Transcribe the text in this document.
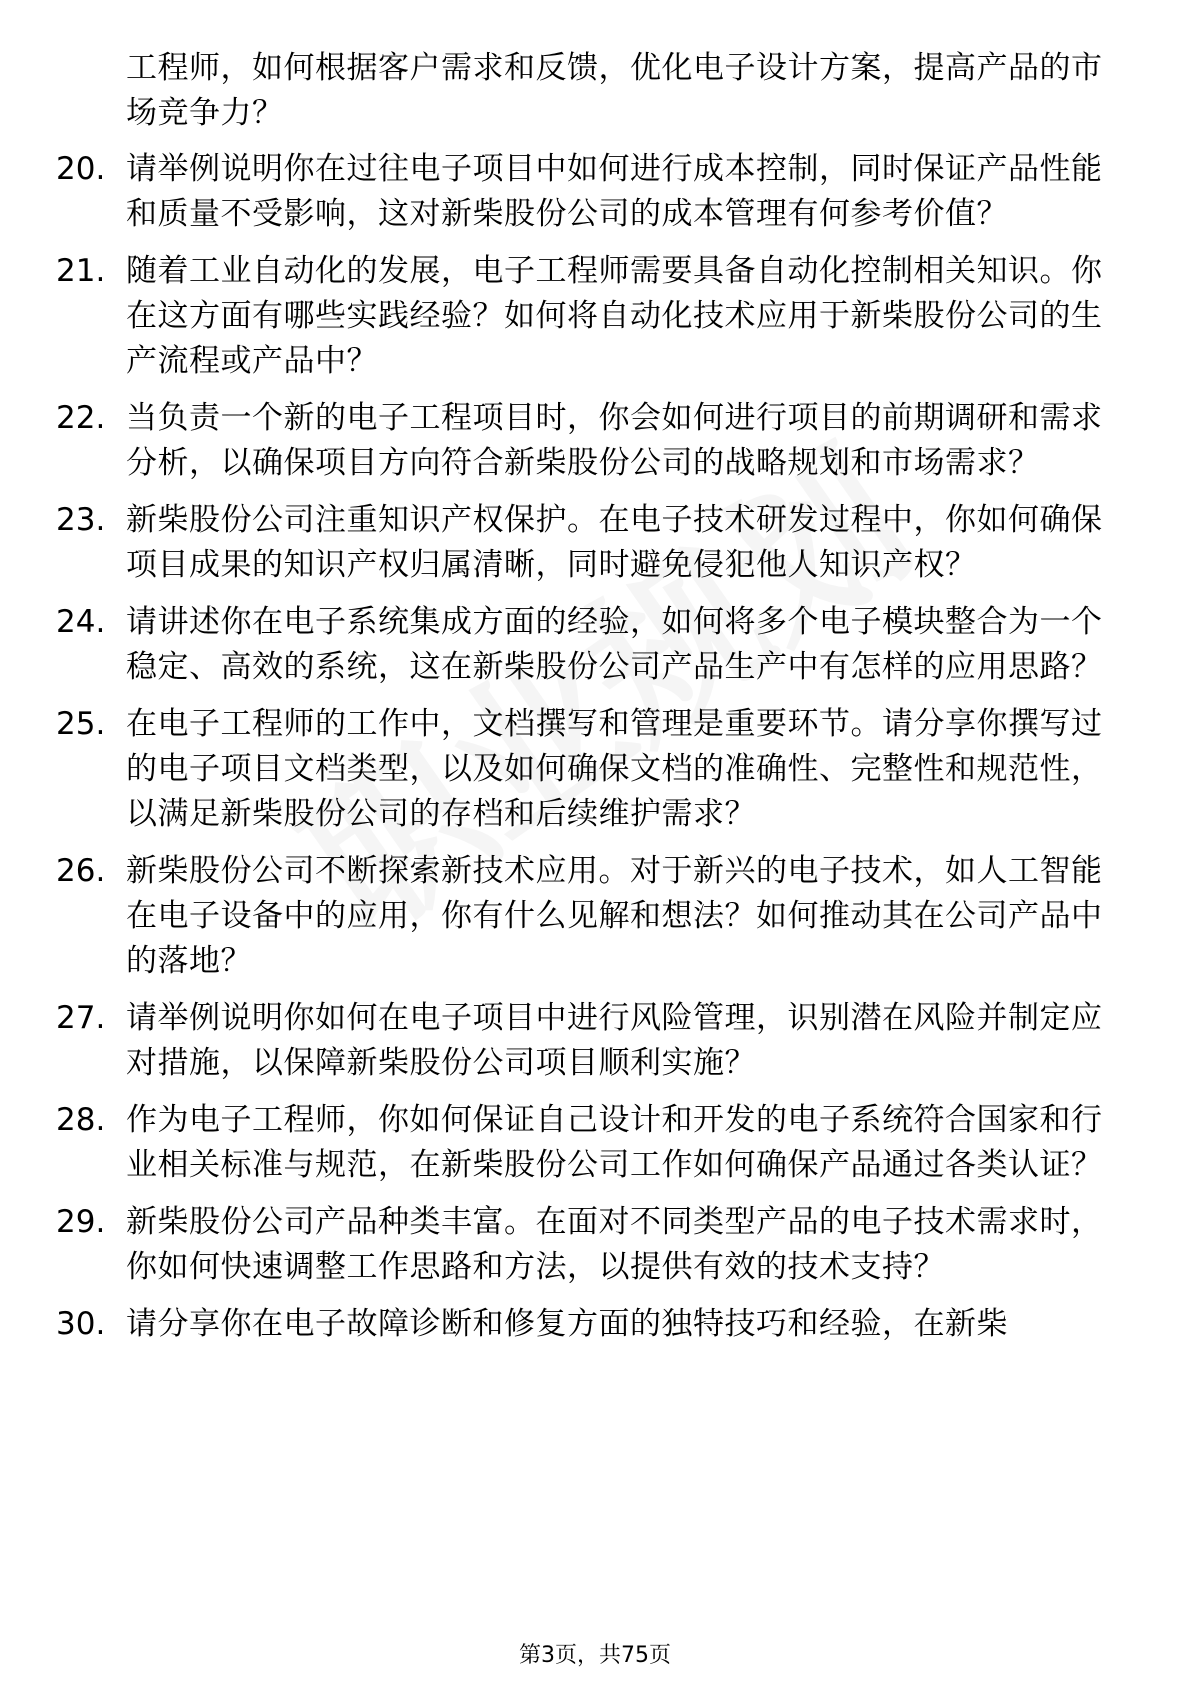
工程师，如何根据客户需求和反馈，优化电子设计方案，提高产品的市场竞争力？

20. 请举例说明你在过往电子项目中如何进行成本控制，同时保证产品性能和质量不受影响，这对新柴股份公司的成本管理有何参考价值？
21. 随着工业自动化的发展，电子工程师需要具备自动化控制相关知识。你在这方面有哪些实践经验？如何将自动化技术应用于新柴股份公司的生产流程或产品中？
22. 当负责一个新的电子工程项目时，你会如何进行项目的前期调研和需求分析，以确保项目方向符合新柴股份公司的战略规划和市场需求？
23. 新柴股份公司注重知识产权保护。在电子技术研发过程中，你如何确保项目成果的知识产权归属清晰，同时避免侵犯他人知识产权？
24. 请讲述你在电子系统集成方面的经验，如何将多个电子模块整合为一个稳定、高效的系统，这在新柴股份公司产品生产中有怎样的应用思路？
25. 在电子工程师的工作中，文档撰写和管理是重要环节。请分享你撰写过的电子项目文档类型，以及如何确保文档的准确性、完整性和规范性，以满足新柴股份公司的存档和后续维护需求？
26. 新柴股份公司不断探索新技术应用。对于新兴的电子技术，如人工智能在电子设备中的应用，你有什么见解和想法？如何推动其在公司产品中的落地？
27. 请举例说明你如何在电子项目中进行风险管理，识别潜在风险并制定应对措施，以保障新柴股份公司项目顺利实施？
28. 作为电子工程师，你如何保证自己设计和开发的电子系统符合国家和行业相关标准与规范，在新柴股份公司工作如何确保产品通过各类认证？
29. 新柴股份公司产品种类丰富。在面对不同类型产品的电子技术需求时，你如何快速调整工作思路和方法，以提供有效的技术支持？
30. 请分享你在电子故障诊断和修复方面的独特技巧和经验，在新柴
第3页，共75页
